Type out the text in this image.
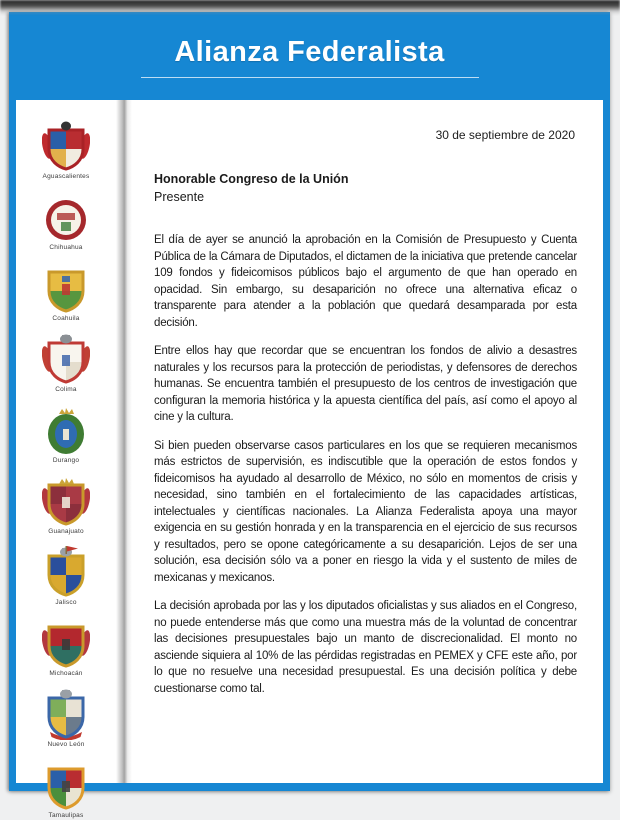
Alianza Federalista
Aguascalientes
Chihuahua
Coahuila
Colima
Durango
Guanajuato
Jalisco
Michoacán
Nuevo León
Tamaulipas
30 de septiembre de 2020
Honorable Congreso de la Unión
Presente

El día de ayer se anunció la aprobación en la Comisión de Presupuesto y Cuenta Pública de la Cámara de Diputados, el dictamen de la iniciativa que pretende cancelar 109 fondos y fideicomisos públicos bajo el argumento de que han operado en opacidad. Sin embargo, su desaparición no ofrece una alternativa eficaz o transparente para atender a la población que quedará desamparada por esta decisión.

Entre ellos hay que recordar que se encuentran los fondos de alivio a desastres naturales y los recursos para la protección de periodistas, y defensores de derechos humanas. Se encuentra también el presupuesto de los centros de investigación que configuran la memoria histórica y la apuesta científica del país, así como el apoyo al cine y la cultura.

Si bien pueden observarse casos particulares en los que se requieren mecanismos más estrictos de supervisión, es indiscutible que la operación de estos fondos y fideicomisos ha ayudado al desarrollo de México, no sólo en momentos de crisis y necesidad, sino también en el fortalecimiento de las capacidades artísticas, intelectuales y científicas nacionales. La Alianza Federalista apoya una mayor exigencia en su gestión honrada y en la transparencia en el ejercicio de sus recursos y resultados, pero se opone categóricamente a su desaparición. Lejos de ser una solución, esa decisión sólo va a poner en riesgo la vida y el sustento de miles de mexicanas y mexicanos.

La decisión aprobada por las y los diputados oficialistas y sus aliados en el Congreso, no puede entenderse más que como una muestra más de la voluntad de concentrar las decisiones presupuestales bajo un manto de discrecionalidad. El monto no asciende siquiera al 10% de las pérdidas registradas en PEMEX y CFE este año, por lo que no resuelve una necesidad presupuestal. Es una decisión política y debe cuestionarse como tal.
